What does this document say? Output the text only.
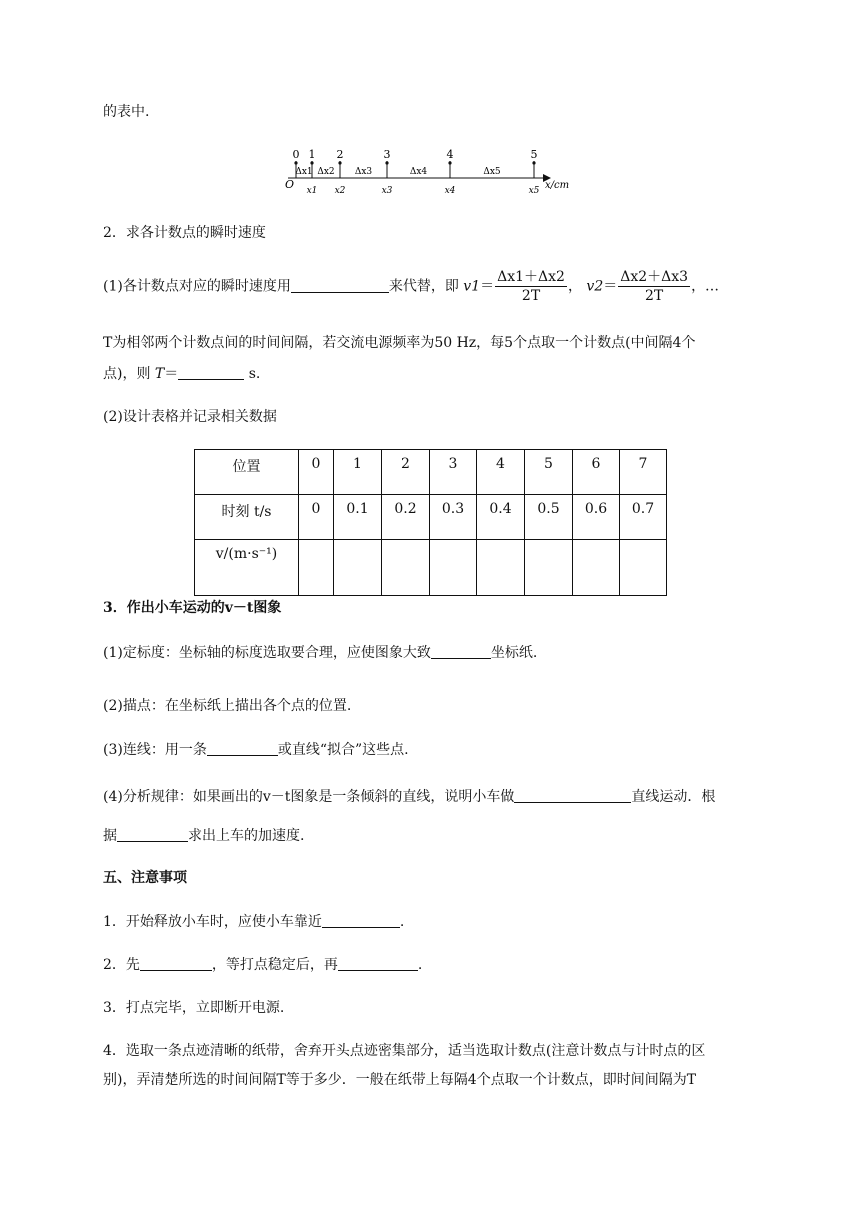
的表中.
0 1 2	3	4	5
Δx1 Δx2 Δx3	Δx4	Δx5
x1 x2	x3	x4	x5
O	x/cm
2．求各计数点的瞬时速度
(1)各计数点对应的瞬时速度用	来代替，即 $v1= \frac{\Delta x1+\Delta x2}{2T}$ ， $v2= \frac{\Delta x2+\Delta x3}{2T}$ ，…
T为相邻两个计数点间的时间间隔，若交流电源频率为50 Hz，每5个点取一个计数点(中间隔4个
点)，则 T＝	s.
(2)设计表格并记录相关数据
位置	0	1	2	3	4	5	6	7
时刻 t/s	0	0.1	0.2	0.3	0.4	0.5	0.6	0.7
v/(m·s⁻¹)								
3．作出小车运动的v－t图象
(1)定标度：坐标轴的标度选取要合理，应使图象大致	坐标纸.
(2)描点：在坐标纸上描出各个点的位置.
(3)连线：用一条	或直线“拟合”这些点.
(4)分析规律：如果画出的v－t图象是一条倾斜的直线，说明小车做	直线运动．根
据	求出上车的加速度.
五、注意事项
1．开始释放小车时，应使小车靠近	.
2．先	，等打点稳定后，再	.
3．打点完毕，立即断开电源.
4．选取一条点迹清晰的纸带，舍弃开头点迹密集部分，适当选取计数点(注意计数点与计时点的区
别)，弄清楚所选的时间间隔T等于多少．一般在纸带上每隔4个点取一个计数点，即时间间隔为T
